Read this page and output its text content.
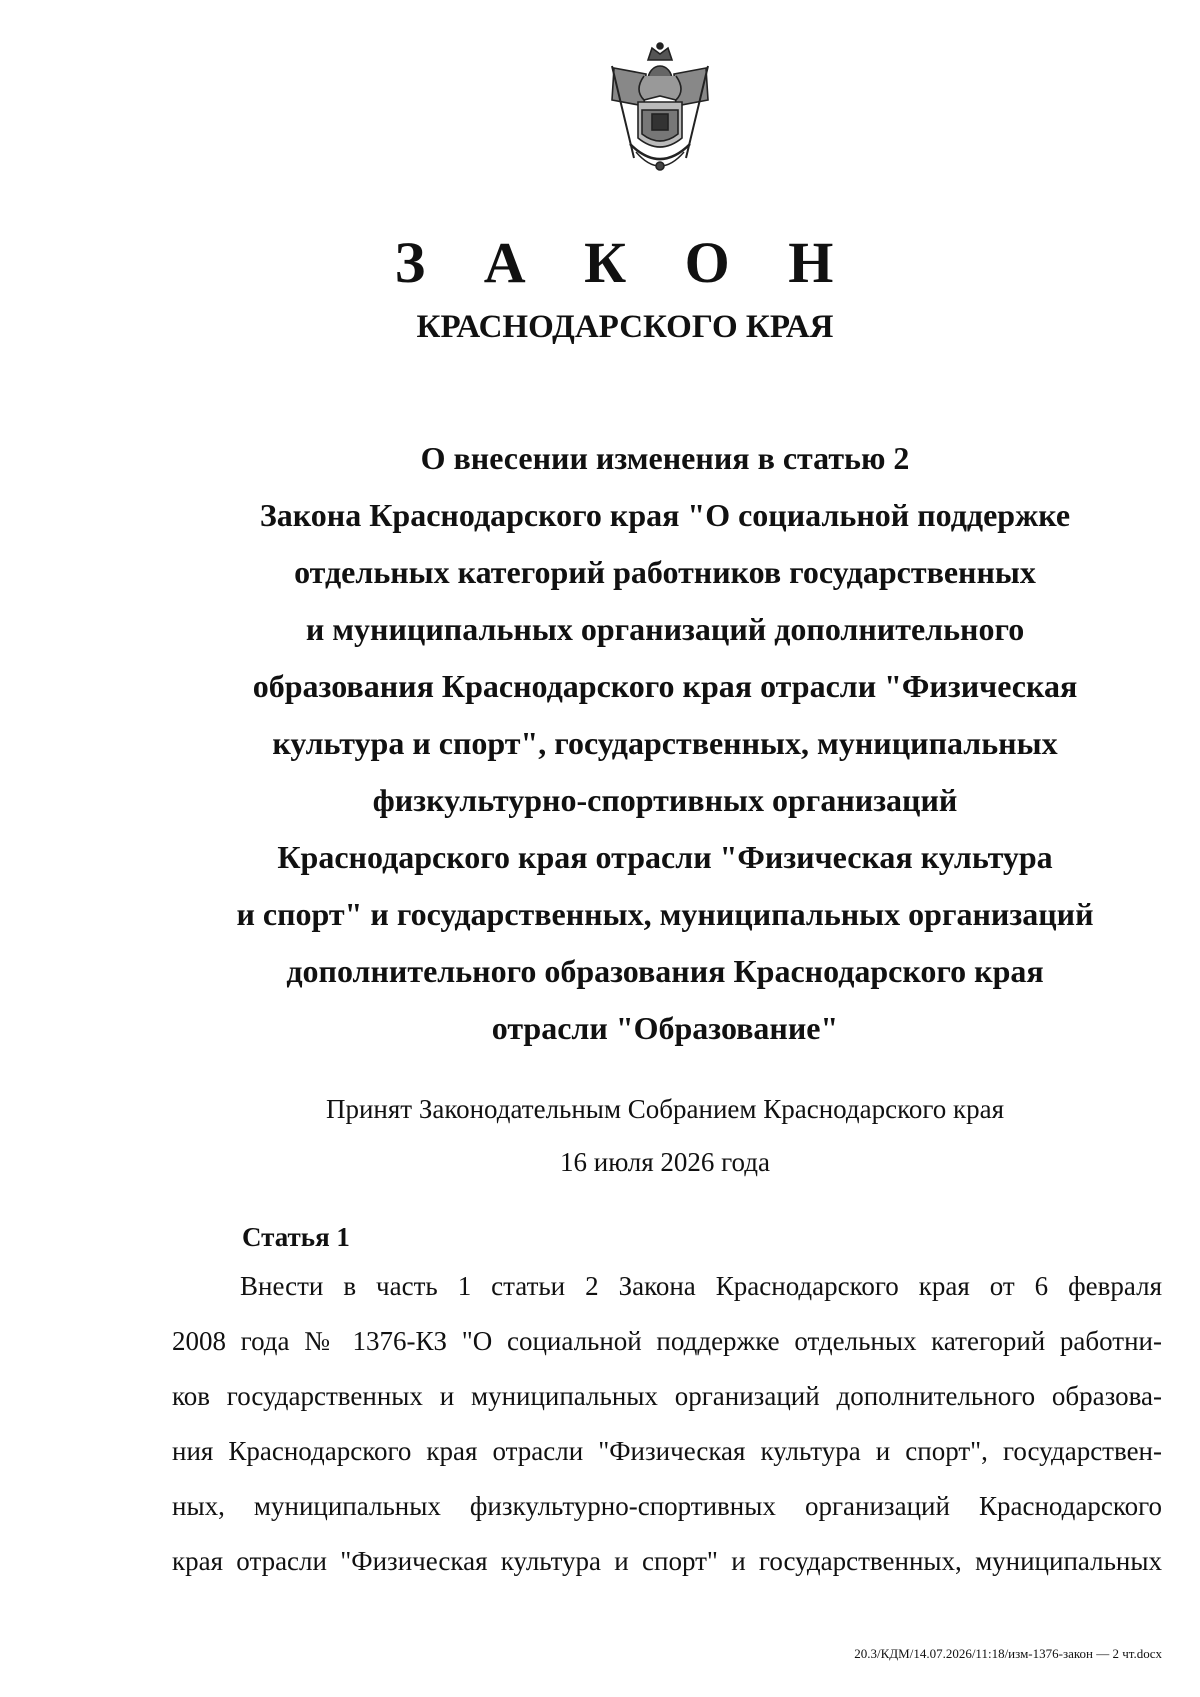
З А К О Н
КРАСНОДАРСКОГО КРАЯ
О внесении изменения в статью 2
Закона Краснодарского края "О социальной поддержке
отдельных категорий работников государственных
и муниципальных организаций дополнительного
образования Краснодарского края отрасли "Физическая
культура и спорт", государственных, муниципальных
физкультурно-спортивных организаций
Краснодарского края отрасли "Физическая культура
и спорт" и государственных, муниципальных организаций
дополнительного образования Краснодарского края
отрасли "Образование"
Принят Законодательным Собранием Краснодарского края
16 июля 2026 года
Статья 1
Внести в часть 1 статьи 2 Закона Краснодарского края от 6 февраля
2008 года № 1376-КЗ "О социальной поддержке отдельных категорий работни-
ков государственных и муниципальных организаций дополнительного образова-
ния Краснодарского края отрасли "Физическая культура и спорт", государствен-
ных, муниципальных физкультурно-спортивных организаций Краснодарского
края отрасли "Физическая культура и спорт" и государственных, муниципальных
20.3/КДМ/14.07.2026/11:18/изм-1376-закон — 2 чт.docx
